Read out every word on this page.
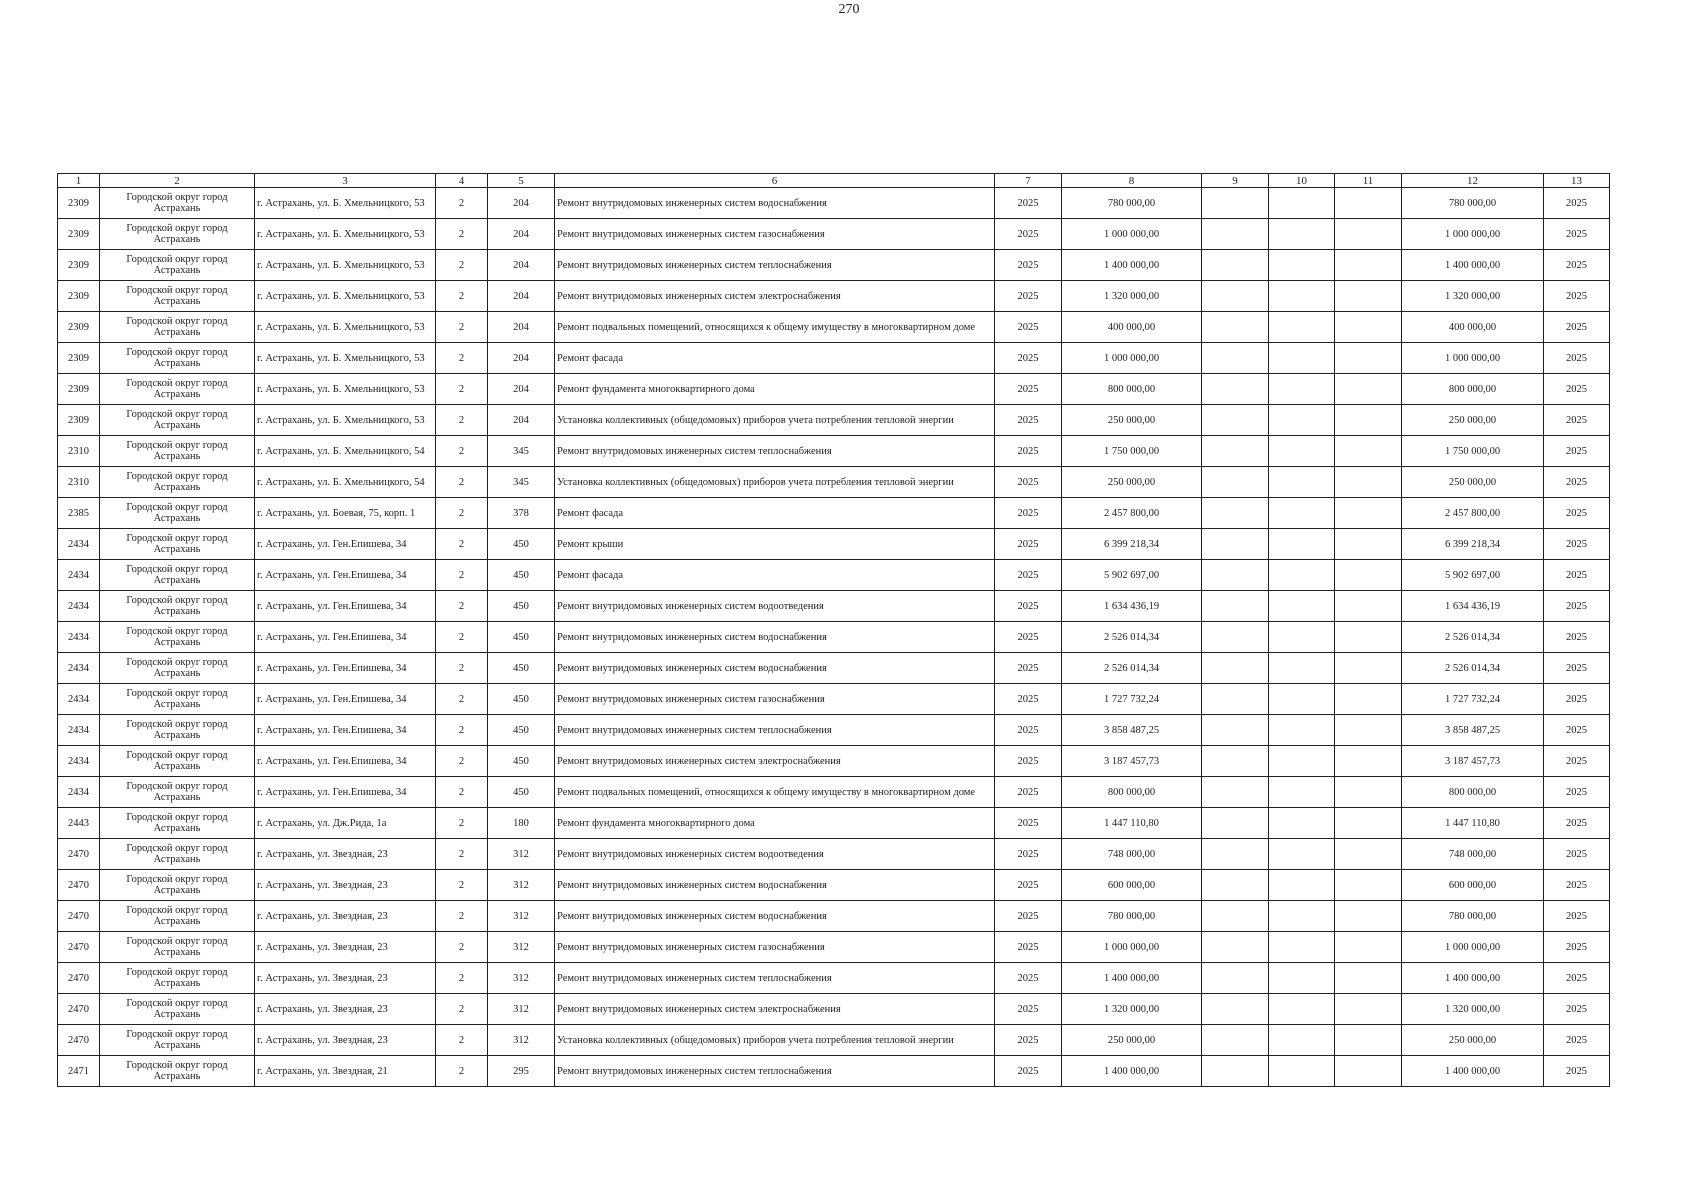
270
1	2	3	4	5	6	7	8	9	10	11	12	13
2309	Городской округ город Астрахань	г. Астрахань, ул. Б. Хмельницкого, 53	2	204	Ремонт внутридомовых инженерных систем водоснабжения	2025	780 000,00				780 000,00	2025
2309	Городской округ город Астрахань	г. Астрахань, ул. Б. Хмельницкого, 53	2	204	Ремонт внутридомовых инженерных систем газоснабжения	2025	1 000 000,00				1 000 000,00	2025
2309	Городской округ город Астрахань	г. Астрахань, ул. Б. Хмельницкого, 53	2	204	Ремонт внутридомовых инженерных систем теплоснабжения	2025	1 400 000,00				1 400 000,00	2025
2309	Городской округ город Астрахань	г. Астрахань, ул. Б. Хмельницкого, 53	2	204	Ремонт внутридомовых инженерных систем электроснабжения	2025	1 320 000,00				1 320 000,00	2025
2309	Городской округ город Астрахань	г. Астрахань, ул. Б. Хмельницкого, 53	2	204	Ремонт подвальных помещений, относящихся к общему имуществу в многоквартирном доме	2025	400 000,00				400 000,00	2025
2309	Городской округ город Астрахань	г. Астрахань, ул. Б. Хмельницкого, 53	2	204	Ремонт фасада	2025	1 000 000,00				1 000 000,00	2025
2309	Городской округ город Астрахань	г. Астрахань, ул. Б. Хмельницкого, 53	2	204	Ремонт фундамента многоквартирного дома	2025	800 000,00				800 000,00	2025
2309	Городской округ город Астрахань	г. Астрахань, ул. Б. Хмельницкого, 53	2	204	Установка коллективных (общедомовых) приборов учета потребления тепловой энергии	2025	250 000,00				250 000,00	2025
2310	Городской округ город Астрахань	г. Астрахань, ул. Б. Хмельницкого, 54	2	345	Ремонт внутридомовых инженерных систем теплоснабжения	2025	1 750 000,00				1 750 000,00	2025
2310	Городской округ город Астрахань	г. Астрахань, ул. Б. Хмельницкого, 54	2	345	Установка коллективных (общедомовых) приборов учета потребления тепловой энергии	2025	250 000,00				250 000,00	2025
2385	Городской округ город Астрахань	г. Астрахань, ул. Боевая, 75, корп. 1	2	378	Ремонт фасада	2025	2 457 800,00				2 457 800,00	2025
2434	Городской округ город Астрахань	г. Астрахань, ул. Ген.Епишева, 34	2	450	Ремонт крыши	2025	6 399 218,34				6 399 218,34	2025
2434	Городской округ город Астрахань	г. Астрахань, ул. Ген.Епишева, 34	2	450	Ремонт фасада	2025	5 902 697,00				5 902 697,00	2025
2434	Городской округ город Астрахань	г. Астрахань, ул. Ген.Епишева, 34	2	450	Ремонт внутридомовых инженерных систем водоотведения	2025	1 634 436,19				1 634 436,19	2025
2434	Городской округ город Астрахань	г. Астрахань, ул. Ген.Епишева, 34	2	450	Ремонт внутридомовых инженерных систем водоснабжения	2025	2 526 014,34				2 526 014,34	2025
2434	Городской округ город Астрахань	г. Астрахань, ул. Ген.Епишева, 34	2	450	Ремонт внутридомовых инженерных систем водоснабжения	2025	2 526 014,34				2 526 014,34	2025
2434	Городской округ город Астрахань	г. Астрахань, ул. Ген.Епишева, 34	2	450	Ремонт внутридомовых инженерных систем газоснабжения	2025	1 727 732,24				1 727 732,24	2025
2434	Городской округ город Астрахань	г. Астрахань, ул. Ген.Епишева, 34	2	450	Ремонт внутридомовых инженерных систем теплоснабжения	2025	3 858 487,25				3 858 487,25	2025
2434	Городской округ город Астрахань	г. Астрахань, ул. Ген.Епишева, 34	2	450	Ремонт внутридомовых инженерных систем электроснабжения	2025	3 187 457,73				3 187 457,73	2025
2434	Городской округ город Астрахань	г. Астрахань, ул. Ген.Епишева, 34	2	450	Ремонт подвальных помещений, относящихся к общему имуществу в многоквартирном доме	2025	800 000,00				800 000,00	2025
2443	Городской округ город Астрахань	г. Астрахань, ул. Дж.Рида, 1а	2	180	Ремонт фундамента многоквартирного дома	2025	1 447 110,80				1 447 110,80	2025
2470	Городской округ город Астрахань	г. Астрахань, ул. Звездная, 23	2	312	Ремонт внутридомовых инженерных систем водоотведения	2025	748 000,00				748 000,00	2025
2470	Городской округ город Астрахань	г. Астрахань, ул. Звездная, 23	2	312	Ремонт внутридомовых инженерных систем водоснабжения	2025	600 000,00				600 000,00	2025
2470	Городской округ город Астрахань	г. Астрахань, ул. Звездная, 23	2	312	Ремонт внутридомовых инженерных систем водоснабжения	2025	780 000,00				780 000,00	2025
2470	Городской округ город Астрахань	г. Астрахань, ул. Звездная, 23	2	312	Ремонт внутридомовых инженерных систем газоснабжения	2025	1 000 000,00				1 000 000,00	2025
2470	Городской округ город Астрахань	г. Астрахань, ул. Звездная, 23	2	312	Ремонт внутридомовых инженерных систем теплоснабжения	2025	1 400 000,00				1 400 000,00	2025
2470	Городской округ город Астрахань	г. Астрахань, ул. Звездная, 23	2	312	Ремонт внутридомовых инженерных систем электроснабжения	2025	1 320 000,00				1 320 000,00	2025
2470	Городской округ город Астрахань	г. Астрахань, ул. Звездная, 23	2	312	Установка коллективных (общедомовых) приборов учета потребления тепловой энергии	2025	250 000,00				250 000,00	2025
2471	Городской округ город Астрахань	г. Астрахань, ул. Звездная, 21	2	295	Ремонт внутридомовых инженерных систем теплоснабжения	2025	1 400 000,00				1 400 000,00	2025
